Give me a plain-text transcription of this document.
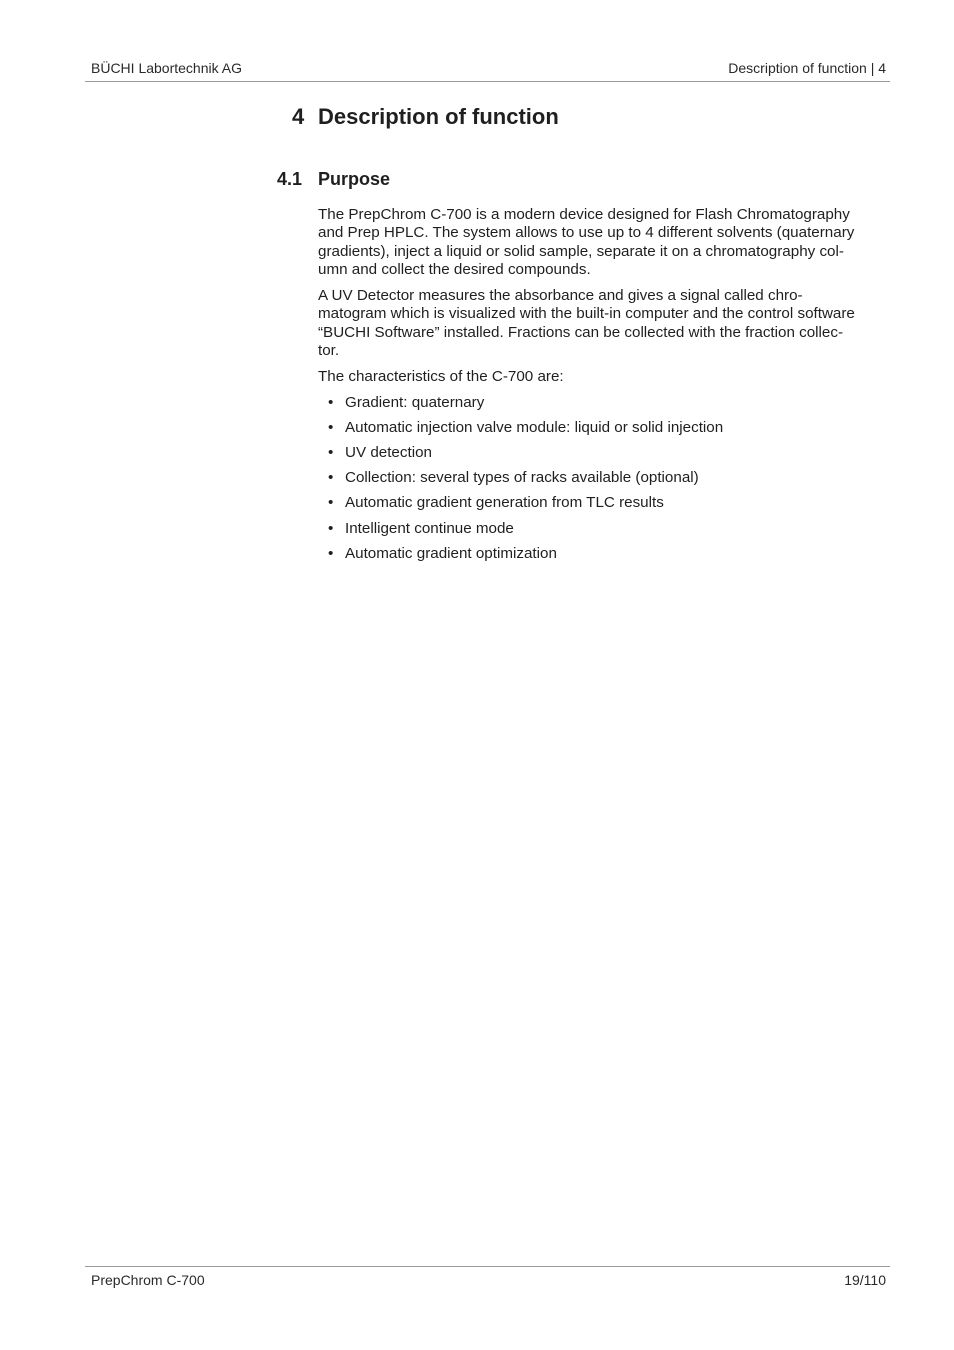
BÜCHI Labortechnik AG	Description of function | 4
4 Description of function
4.1 Purpose

The PrepChrom C-700 is a modern device designed for Flash Chromatography
and Prep HPLC. The system allows to use up to 4 different solvents (quaternary
gradients), inject a liquid or solid sample, separate it on a chromatography col-
umn and collect the desired compounds.

A UV Detector measures the absorbance and gives a signal called chro-
matogram which is visualized with the built-in computer and the control software
“BUCHI Software” installed. Fractions can be collected with the fraction collec-
tor.

The characteristics of the C-700 are:

• Gradient: quaternary
• Automatic injection valve module: liquid or solid injection
• UV detection
• Collection: several types of racks available (optional)
• Automatic gradient generation from TLC results
• Intelligent continue mode
• Automatic gradient optimization
PrepChrom C-700	19/110
